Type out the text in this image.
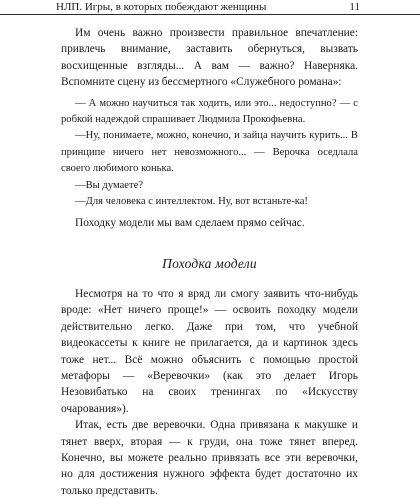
НЛП. Игры, в которых побеждают женщины	11

Им очень важно произвести правильное впечатление: привлечь внимание, заставить обернуться, вызвать восхищенные взгляды... А вам — важно? Наверняка. Вспомните сцену из бессмертного «Служебного романа»:

— А можно научиться так ходить, или это... недоступно? — с робкой надеждой спрашивает Людмила Прокофьевна.

—Ну, понимаете, можно, конечно, и зайца научить курить... В принципе ничего нет невозможного... — Верочка оседлала своего любимого конька.

—Вы думаете?

—Для человека с интеллектом. Ну, вот встаньте-ка!

Походку модели мы вам сделаем прямо сейчас.

Походка модели

Несмотря на то что я вряд ли смогу заявить что-нибудь вроде: «Нет ничего проще!» — освоить походку модели действительно легко. Даже при том, что учебной видеокассеты к книге не прилагается, да и картинок здесь тоже нет... Всё можно объяснить с помощью простой метафоры — «Веревочки» (как это делает Игорь Незовибатько на своих тренингах по «Искусству очарования»).

Итак, есть две веревочки. Одна привязана к макушке и тянет вверх, вторая — к груди, она тоже тянет вперед. Конечно, вы можете реально привязать все эти веревочки, но для достижения нужного эффекта будет достаточно их только представить.
